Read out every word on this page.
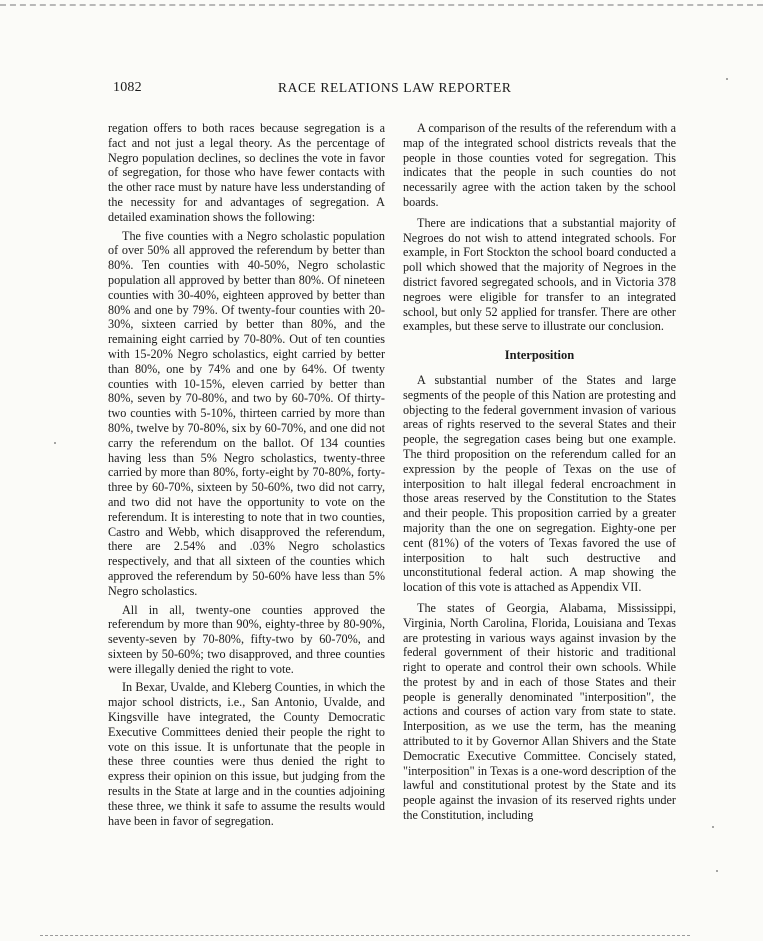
1082	RACE RELATIONS LAW REPORTER

regation offers to both races because segregation is a fact and not just a legal theory. As the percentage of Negro population declines, so declines the vote in favor of segregation, for those who have fewer contacts with the other race must by nature have less understanding of the necessity for and advantages of segregation. A detailed examination shows the following:

The five counties with a Negro scholastic population of over 50% all approved the referendum by better than 80%. Ten counties with 40-50%, Negro scholastic population all approved by better than 80%. Of nineteen counties with 30-40%, eighteen approved by better than 80% and one by 79%. Of twenty-four counties with 20-30%, sixteen carried by better than 80%, and the remaining eight carried by 70-80%. Out of ten counties with 15-20% Negro scholastics, eight carried by better than 80%, one by 74% and one by 64%. Of twenty counties with 10-15%, eleven carried by better than 80%, seven by 70-80%, and two by 60-70%. Of thirty-two counties with 5-10%, thirteen carried by more than 80%, twelve by 70-80%, six by 60-70%, and one did not carry the referendum on the ballot. Of 134 counties having less than 5% Negro scholastics, twenty-three carried by more than 80%, forty-eight by 70-80%, forty-three by 60-70%, sixteen by 50-60%, two did not carry, and two did not have the opportunity to vote on the referendum. It is interesting to note that in two counties, Castro and Webb, which disapproved the referendum, there are 2.54% and .03% Negro scholastics respectively, and that all sixteen of the counties which approved the referendum by 50-60% have less than 5% Negro scholastics.

All in all, twenty-one counties approved the referendum by more than 90%, eighty-three by 80-90%, seventy-seven by 70-80%, fifty-two by 60-70%, and sixteen by 50-60%; two disapproved, and three counties were illegally denied the right to vote.

In Bexar, Uvalde, and Kleberg Counties, in which the major school districts, i.e., San Antonio, Uvalde, and Kingsville have integrated, the County Democratic Executive Committees denied their people the right to vote on this issue. It is unfortunate that the people in these three counties were thus denied the right to express their opinion on this issue, but judging from the results in the State at large and in the counties adjoining these three, we think it safe to assume the results would have been in favor of segregation.

A comparison of the results of the referendum with a map of the integrated school districts reveals that the people in those counties voted for segregation. This indicates that the people in such counties do not necessarily agree with the action taken by the school boards.

There are indications that a substantial majority of Negroes do not wish to attend integrated schools. For example, in Fort Stockton the school board conducted a poll which showed that the majority of Negroes in the district favored segregated schools, and in Victoria 378 negroes were eligible for transfer to an integrated school, but only 52 applied for transfer. There are other examples, but these serve to illustrate our conclusion.

Interposition

A substantial number of the States and large segments of the people of this Nation are protesting and objecting to the federal government invasion of various areas of rights reserved to the several States and their people, the segregation cases being but one example. The third proposition on the referendum called for an expression by the people of Texas on the use of interposition to halt illegal federal encroachment in those areas reserved by the Constitution to the States and their people. This proposition carried by a greater majority than the one on segregation. Eighty-one per cent (81%) of the voters of Texas favored the use of interposition to halt such destructive and unconstitutional federal action. A map showing the location of this vote is attached as Appendix VII.

The states of Georgia, Alabama, Mississippi, Virginia, North Carolina, Florida, Louisiana and Texas are protesting in various ways against invasion by the federal government of their historic and traditional right to operate and control their own schools. While the protest by and in each of those States and their people is generally denominated "interposition", the actions and courses of action vary from state to state. Interposition, as we use the term, has the meaning attributed to it by Governor Allan Shivers and the State Democratic Executive Committee. Concisely stated, "interposition" in Texas is a one-word description of the lawful and constitutional protest by the State and its people against the invasion of its reserved rights under the Constitution, including
